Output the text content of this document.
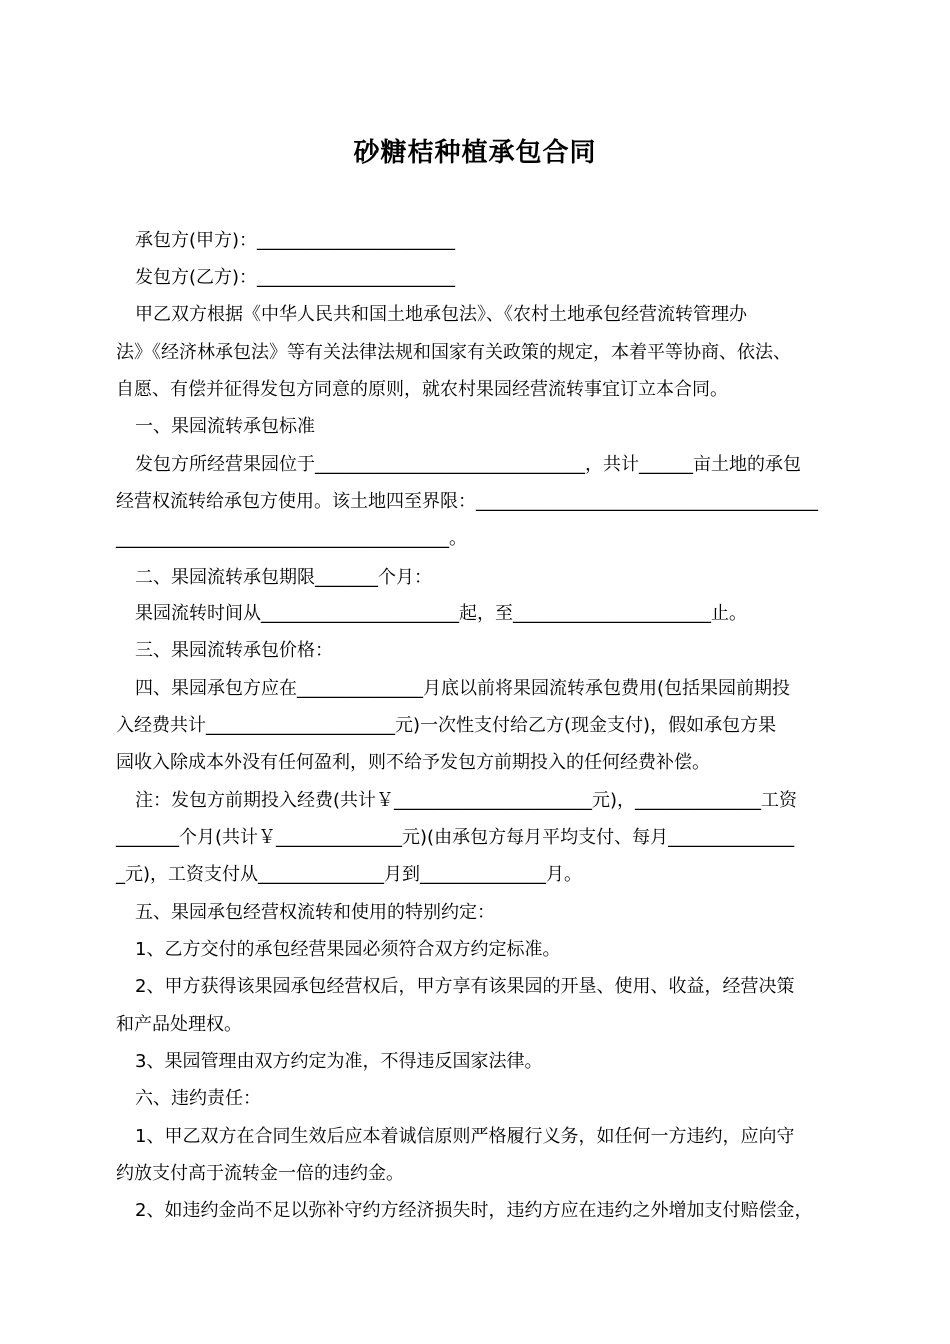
砂糖桔种植承包合同
承包方(甲方)：______________________
发包方(乙方)：______________________
甲乙双方根据《中华人民共和国土地承包法》、《农村土地承包经营流转管理办
法》《经济林承包法》等有关法律法规和国家有关政策的规定，本着平等协商、依法、
自愿、有偿并征得发包方同意的原则，就农村果园经营流转事宜订立本合同。
一、果园流转承包标准
发包方所经营果园位于______________________________，共计______亩土地的承包
经营权流转给承包方使用。该土地四至界限：______________________________________
_____________________________________。
二、果园流转承包期限_______个月：
果园流转时间从______________________起，至______________________止。
三、果园流转承包价格：
四、果园承包方应在______________月底以前将果园流转承包费用(包括果园前期投
入经费共计_____________________元)一次性支付给乙方(现金支付)，假如承包方果
园收入除成本外没有任何盈利，则不给予发包方前期投入的任何经费补偿。
注：发包方前期投入经费(共计￥______________________元)，______________工资
_______个月(共计￥______________元)(由承包方每月平均支付、每月______________
_元)，工资支付从______________月到______________月。
五、果园承包经营权流转和使用的特别约定：
1、乙方交付的承包经营果园必须符合双方约定标准。
2、甲方获得该果园承包经营权后，甲方享有该果园的开垦、使用、收益，经营决策
和产品处理权。
3、果园管理由双方约定为准，不得违反国家法律。
六、违约责任：
1、甲乙双方在合同生效后应本着诚信原则严格履行义务，如任何一方违约，应向守
约放支付高于流转金一倍的违约金。
2、如违约金尚不足以弥补守约方经济损失时，违约方应在违约之外增加支付赔偿金，
